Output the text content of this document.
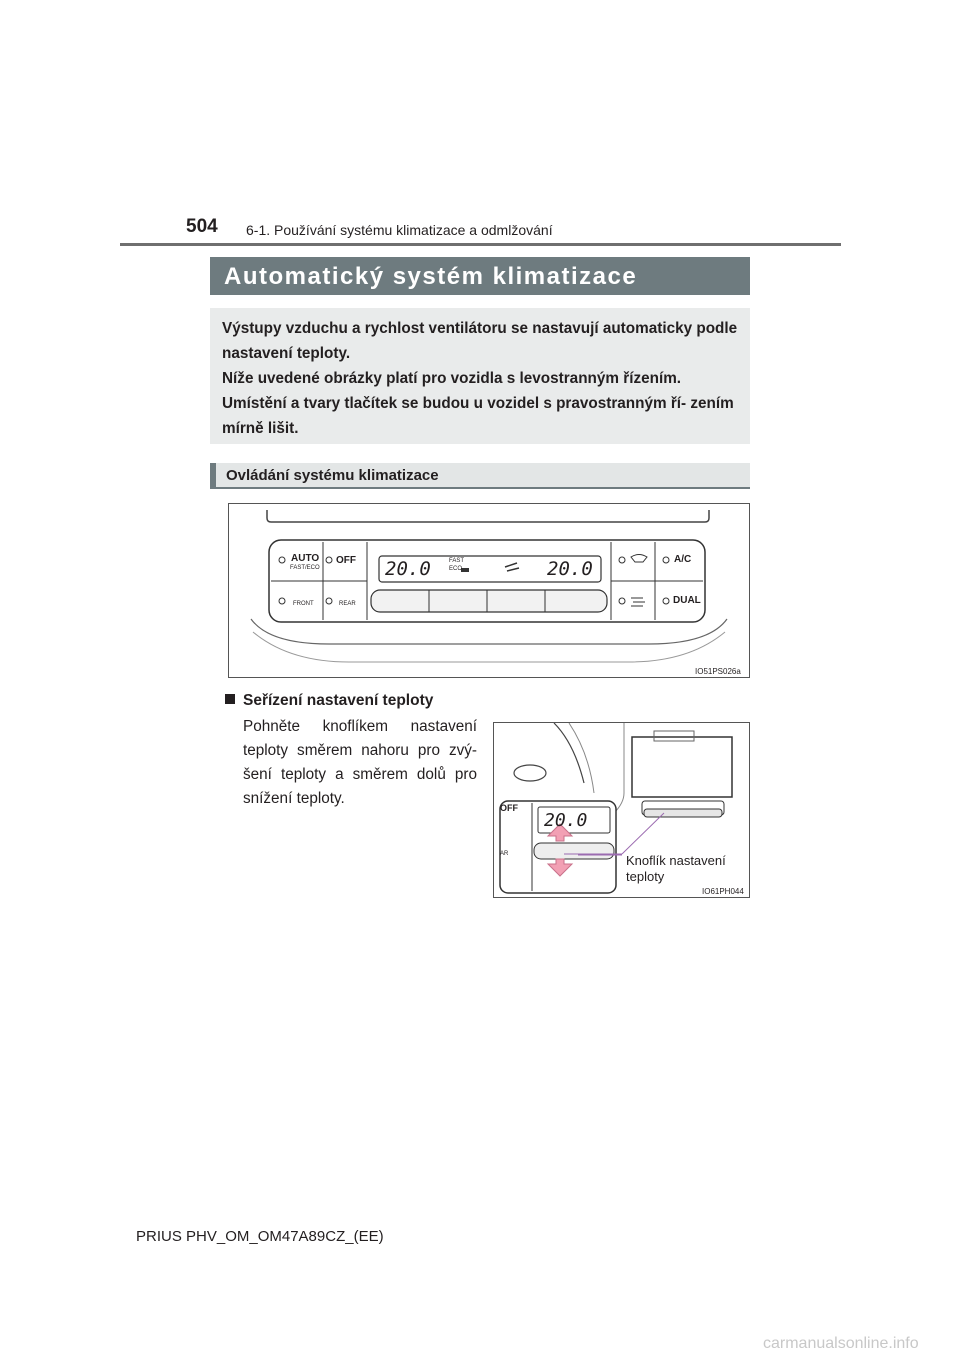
504 6-1. Používání systému klimatizace a odmlžování
Automatický systém klimatizace

Výstupy vzduchu a rychlost ventilátoru se nastavují automaticky podle nastavení teploty.

Níže uvedené obrázky platí pro vozidla s levostranným řízením.

Umístění a tvary tlačítek se budou u vozidel s pravostranným ří- zením mírně lišit.

Ovládání systému klimatizace
AUTO
FAST/ECO
OFF
FRONT	REAR
A/C
DUAL
20.0	FAST
ECO	20.0
IO51PS026a
Seřízení nastavení teploty
Pohněte knoflíkem nastavení teploty směrem nahoru pro zvý- šení teploty a směrem dolů pro snížení teploty.
OFF
AR
20.0
Knoflík nastavení teploty
IO61PH044
PRIUS PHV_OM_OM47A89CZ_(EE)
carmanualsonline.info
